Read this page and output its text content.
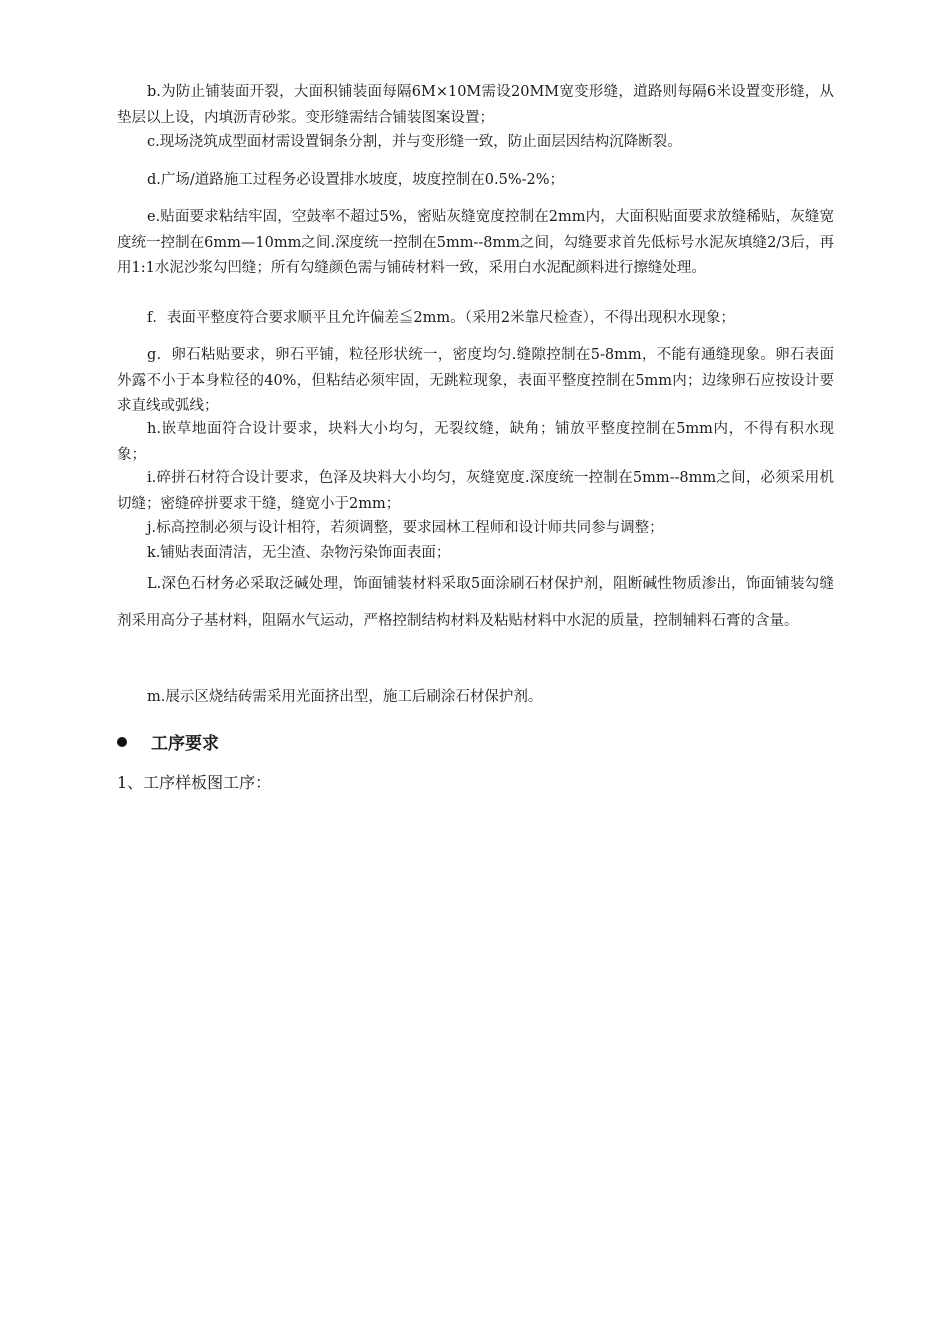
b.为防止铺装面开裂，大面积铺装面每隔6M×10M需设20MM宽变形缝，道路则每隔6米设置变形缝，从垫层以上设，内填沥青砂浆。变形缝需结合铺装图案设置；

c.现场浇筑成型面材需设置铜条分割，并与变形缝一致，防止面层因结构沉降断裂。

d.广场/道路施工过程务必设置排水坡度，坡度控制在0.5%-2%；

e.贴面要求粘结牢固，空鼓率不超过5%，密贴灰缝宽度控制在2mm内，大面积贴面要求放缝稀贴，灰缝宽度统一控制在6mm—10mm之间.深度统一控制在5mm--8mm之间，勾缝要求首先低标号水泥灰填缝2/3后，再用1:1水泥沙浆勾凹缝；所有勾缝颜色需与铺砖材料一致，采用白水泥配颜料进行擦缝处理。

f．表面平整度符合要求顺平且允许偏差≦2mm。（采用2米靠尺检查），不得出现积水现象；

g．卵石粘贴要求，卵石平铺，粒径形状统一，密度均匀.缝隙控制在5-8mm，不能有通缝现象。卵石表面外露不小于本身粒径的40%，但粘结必须牢固，无跳粒现象，表面平整度控制在5mm内；边缘卵石应按设计要求直线或弧线；

h.嵌草地面符合设计要求，块料大小均匀，无裂纹缝，缺角；铺放平整度控制在5mm内，不得有积水现象；

i.碎拼石材符合设计要求，色泽及块料大小均匀，灰缝宽度.深度统一控制在5mm--8mm之间，必须采用机切缝；密缝碎拼要求干缝，缝宽小于2mm；

j.标高控制必须与设计相符，若须调整，要求园林工程师和设计师共同参与调整；

k.铺贴表面清洁，无尘渣、杂物污染饰面表面；

L.深色石材务必采取泛碱处理，饰面铺装材料采取5面涂刷石材保护剂，阻断碱性物质渗出，饰面铺装勾缝剂采用高分子基材料，阻隔水气运动，严格控制结构材料及粘贴材料中水泥的质量，控制辅料石膏的含量。

m.展示区烧结砖需采用光面挤出型，施工后刷涂石材保护剂。

工序要求
1、工序样板图工序：
